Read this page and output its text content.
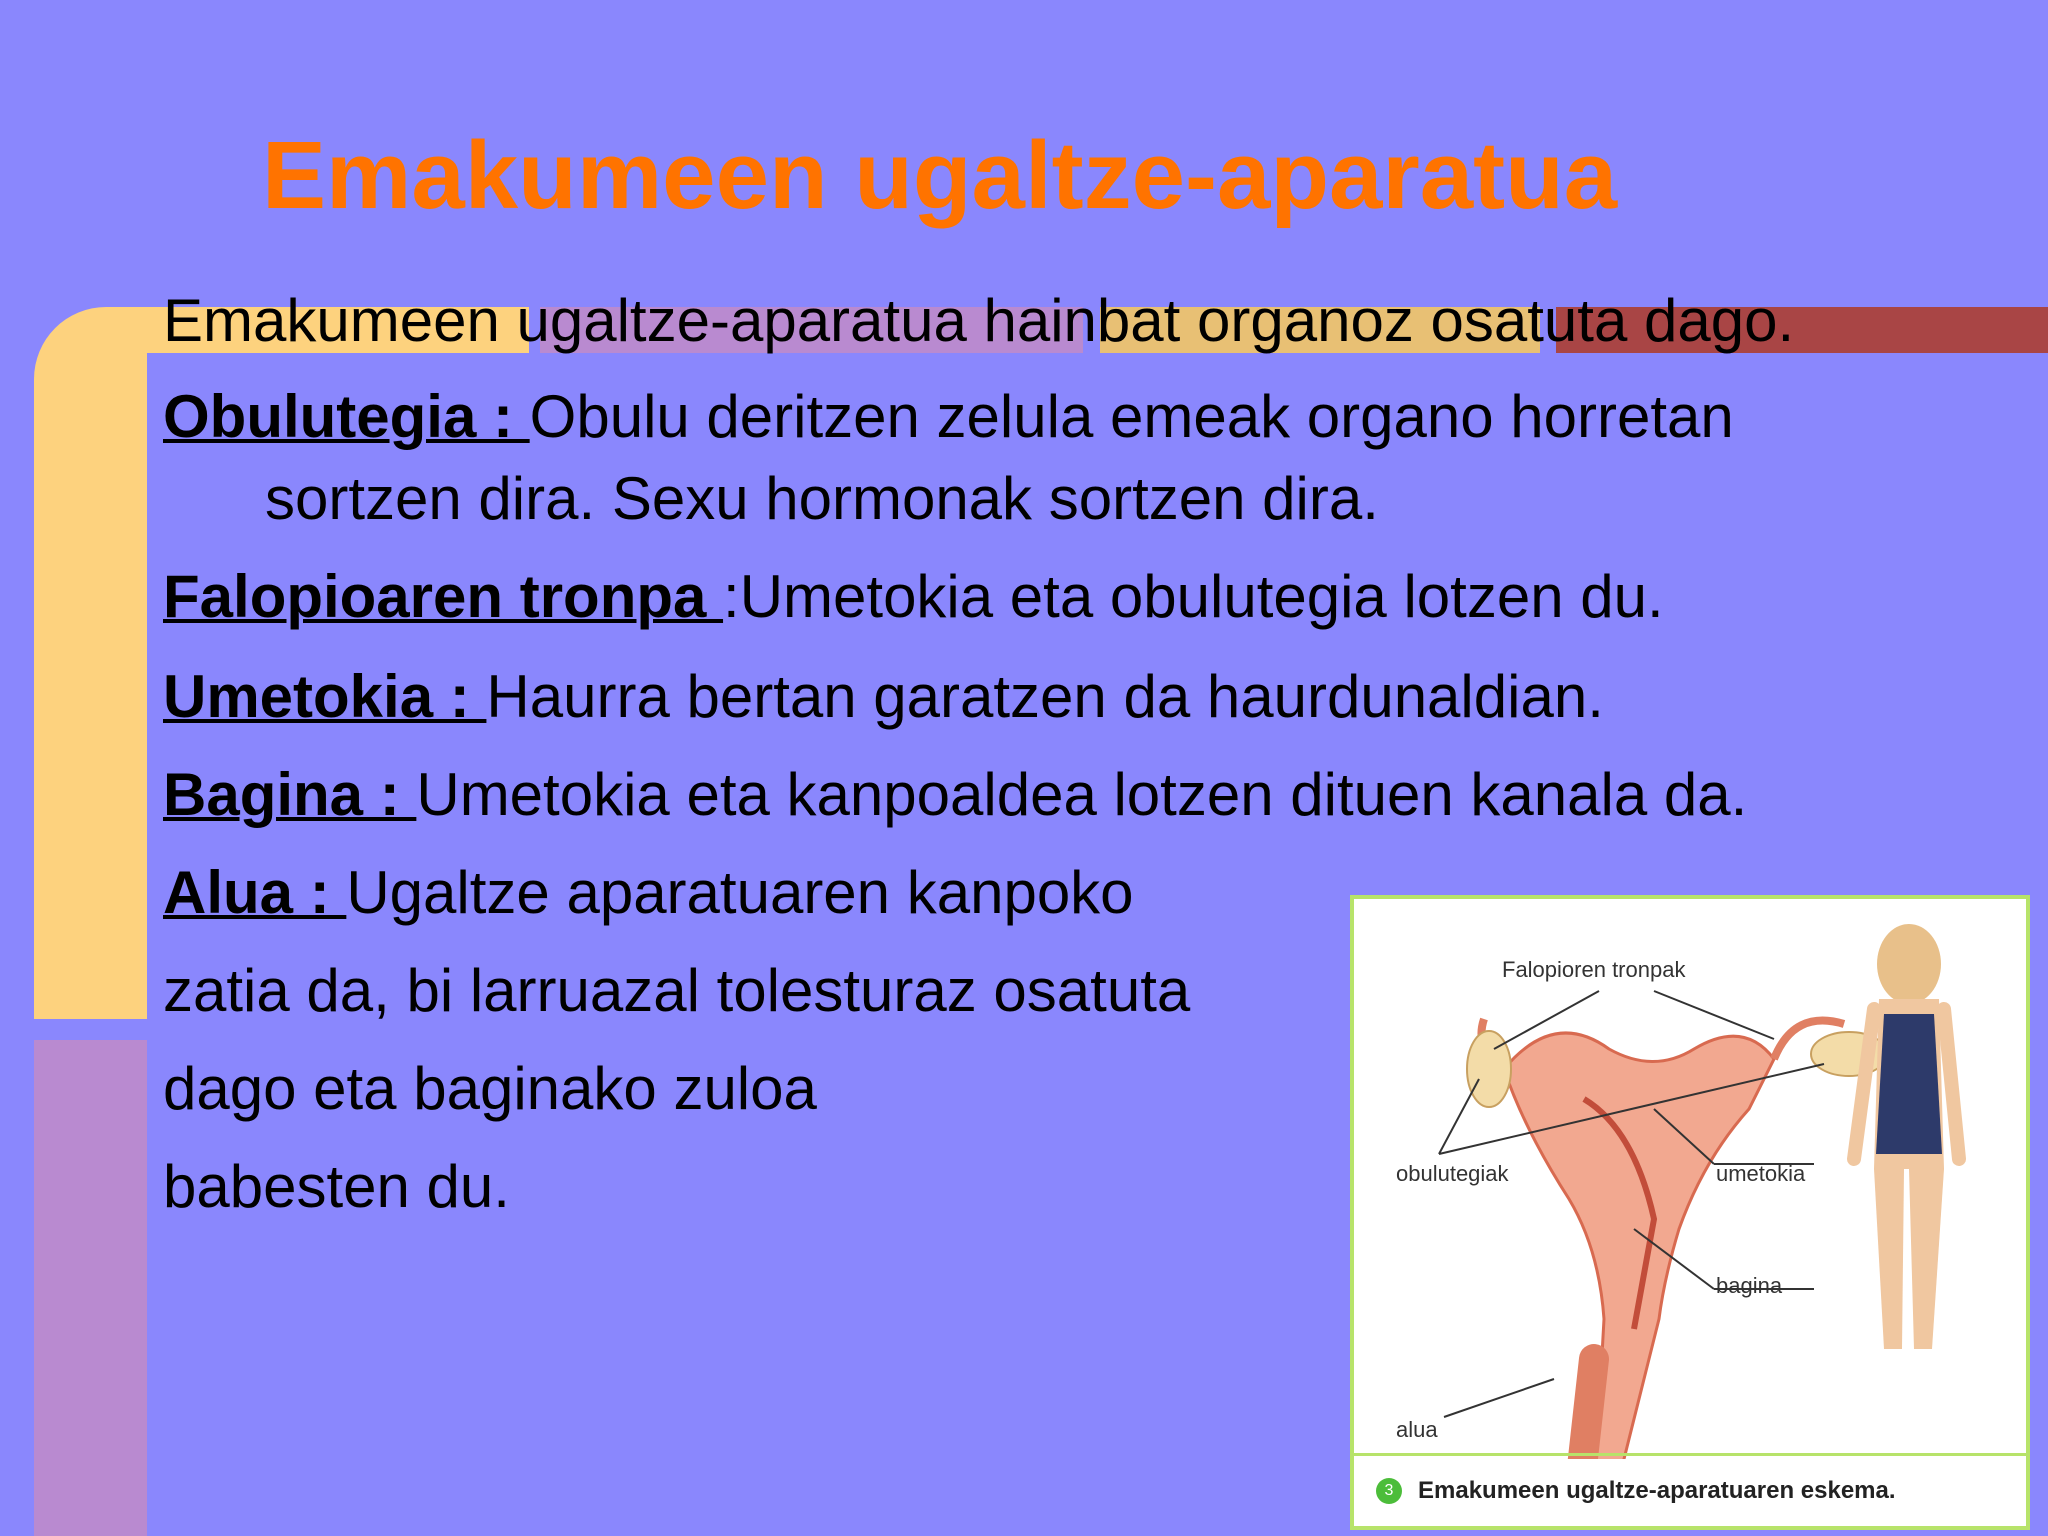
Emakumeen ugaltze-aparatua

Emakumeen ugaltze-aparatua hainbat organoz osatuta dago.

Obulutegia : Obulu deritzen zelula emeak organo horretan

sortzen dira. Sexu hormonak sortzen dira.

Falopioaren tronpa :Umetokia eta obulutegia lotzen du.

Umetokia : Haurra bertan garatzen da haurdunaldian.

Bagina : Umetokia eta kanpoaldea lotzen dituen kanala da.

Alua : Ugaltze aparatuaren kanpoko

zatia da, bi larruazal tolesturaz osatuta

dago eta baginako zuloa

babesten du.

Falopioren tronpak
obulutegiak	umetokia
bagina
alua
3	Emakumeen ugaltze-aparatuaren eskema.
